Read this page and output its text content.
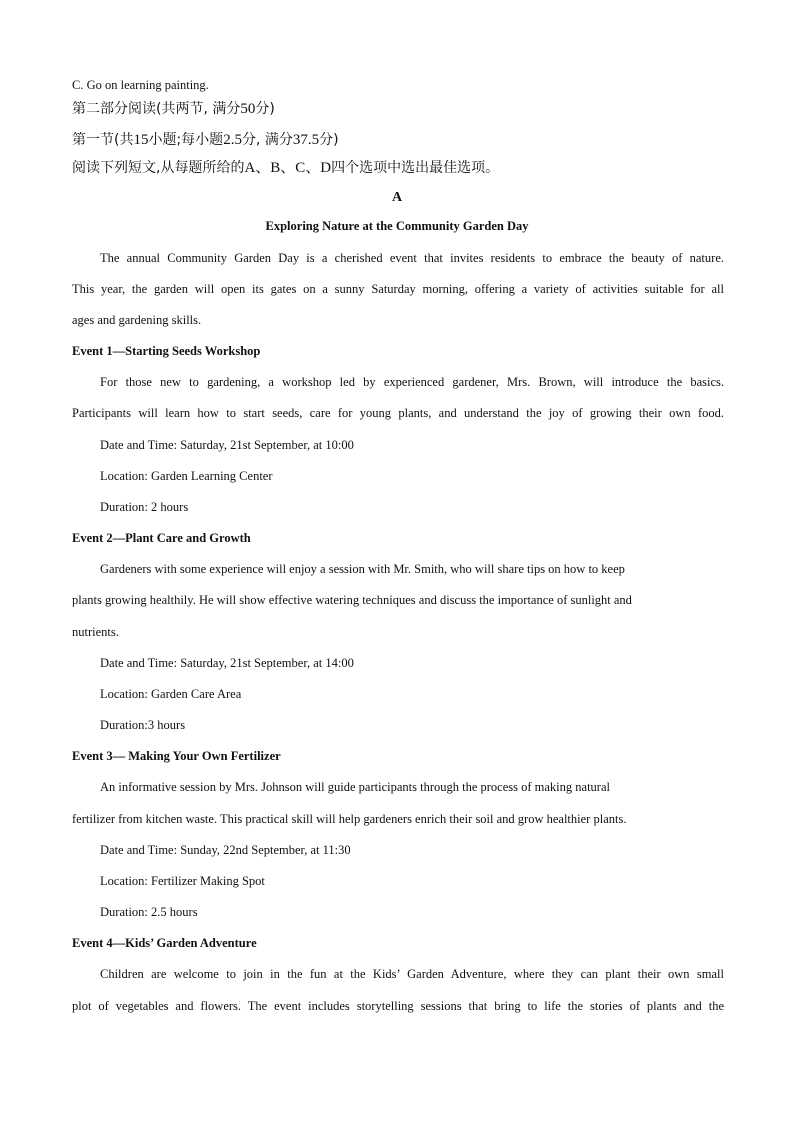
C. Go on learning painting.
第二部分阅读(共两节, 满分50分)
第一节(共15小题;每小题2.5分, 满分37.5分)
阅读下列短文,从每题所给的A、B、C、D四个选项中选出最佳选项。
A
Exploring Nature at the Community Garden Day
The annual Community Garden Day is a cherished event that invites residents to embrace the beauty of nature.
This year, the garden will open its gates on a sunny Saturday morning, offering a variety of activities suitable for all
ages and gardening skills.
Event 1—Starting Seeds Workshop
For those new to gardening, a workshop led by experienced gardener, Mrs. Brown, will introduce the basics.
Participants will learn how to start seeds, care for young plants, and understand the joy of growing their own food.
Date and Time: Saturday, 21st September, at 10:00
Location: Garden Learning Center
Duration: 2 hours
Event 2—Plant Care and Growth
Gardeners with some experience will enjoy a session with Mr. Smith, who will share tips on how to keep
plants growing healthily. He will show effective watering techniques and discuss the importance of sunlight and
nutrients.
Date and Time: Saturday, 21st September, at 14:00
Location: Garden Care Area
Duration:3 hours
Event 3— Making Your Own Fertilizer
An informative session by Mrs. Johnson will guide participants through the process of making natural
fertilizer from kitchen waste. This practical skill will help gardeners enrich their soil and grow healthier plants.
Date and Time: Sunday, 22nd September, at 11:30
Location: Fertilizer Making Spot
Duration: 2.5 hours
Event 4—Kids’ Garden Adventure
Children are welcome to join in the fun at the Kids’ Garden Adventure, where they can plant their own small
plot of vegetables and flowers. The event includes storytelling sessions that bring to life the stories of plants and the
